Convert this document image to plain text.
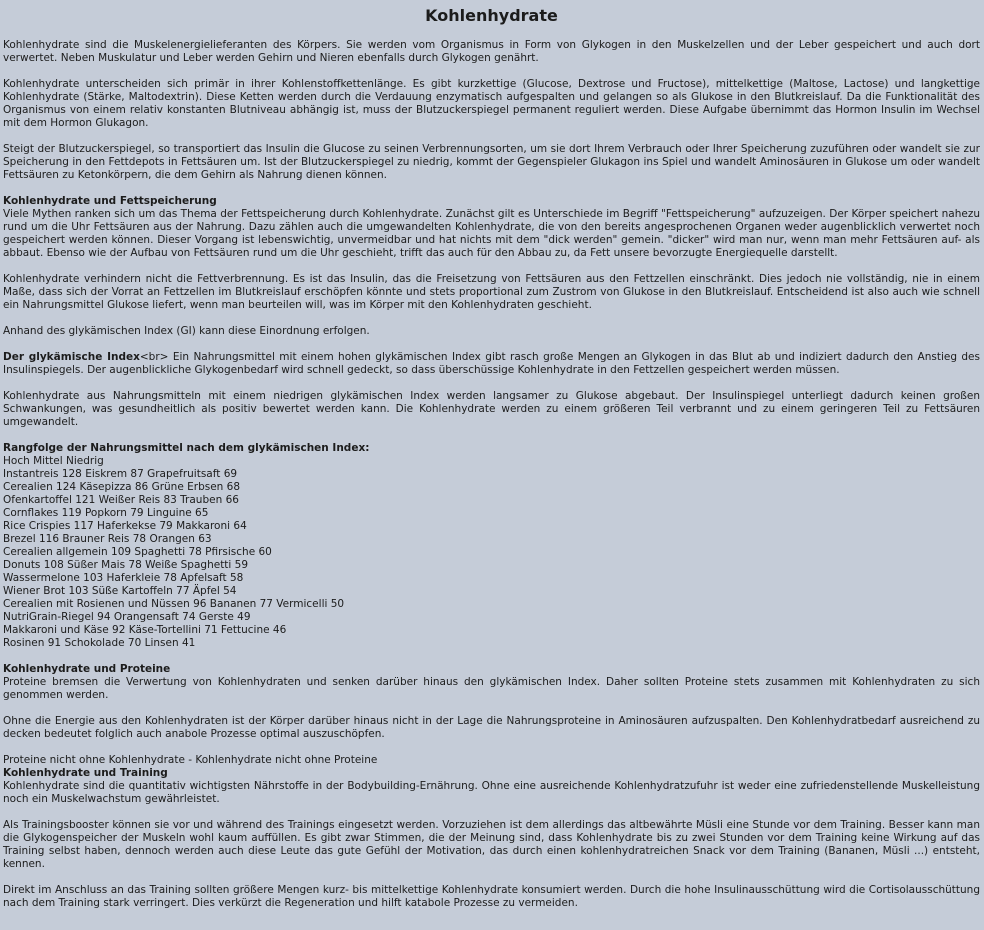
Kohlenhydrate

Kohlenhydrate sind die Muskelenergielieferanten des Körpers. Sie werden vom Organismus in Form von Glykogen in den Muskelzellen und der Leber gespeichert und auch dort verwertet. Neben Muskulatur und Leber werden Gehirn und Nieren ebenfalls durch Glykogen genährt.

Kohlenhydrate unterscheiden sich primär in ihrer Kohlenstoffkettenlänge. Es gibt kurzkettige (Glucose, Dextrose und Fructose), mittelkettige (Maltose, Lactose) und langkettige Kohlenhydrate (Stärke, Maltodextrin). Diese Ketten werden durch die Verdauung enzymatisch aufgespalten und gelangen so als Glukose in den Blutkreislauf. Da die Funktionalität des Organismus von einem relativ konstanten Blutniveau abhängig ist, muss der Blutzuckerspiegel permanent reguliert werden. Diese Aufgabe übernimmt das Hormon Insulin im Wechsel mit dem Hormon Glukagon.

Steigt der Blutzuckerspiegel, so transportiert das Insulin die Glucose zu seinen Verbrennungsorten, um sie dort Ihrem Verbrauch oder Ihrer Speicherung zuzuführen oder wandelt sie zur Speicherung in den Fettdepots in Fettsäuren um. Ist der Blutzuckerspiegel zu niedrig, kommt der Gegenspieler Glukagon ins Spiel und wandelt Aminosäuren in Glukose um oder wandelt Fettsäuren zu Ketonkörpern, die dem Gehirn als Nahrung dienen können.

Kohlenhydrate und Fettspeicherung

Viele Mythen ranken sich um das Thema der Fettspeicherung durch Kohlenhydrate. Zunächst gilt es Unterschiede im Begriff "Fettspeicherung" aufzuzeigen. Der Körper speichert nahezu rund um die Uhr Fettsäuren aus der Nahrung. Dazu zählen auch die umgewandelten Kohlenhydrate, die von den bereits angesprochenen Organen weder augenblicklich verwertet noch gespeichert werden können. Dieser Vorgang ist lebenswichtig, unvermeidbar und hat nichts mit dem "dick werden" gemein. "dicker" wird man nur, wenn man mehr Fettsäuren auf- als abbaut. Ebenso wie der Aufbau von Fettsäuren rund um die Uhr geschieht, trifft das auch für den Abbau zu, da Fett unsere bevorzugte Energiequelle darstellt.

Kohlenhydrate verhindern nicht die Fettverbrennung. Es ist das Insulin, das die Freisetzung von Fettsäuren aus den Fettzellen einschränkt. Dies jedoch nie vollständig, nie in einem Maße, dass sich der Vorrat an Fettzellen im Blutkreislauf erschöpfen könnte und stets proportional zum Zustrom von Glukose in den Blutkreislauf. Entscheidend ist also auch wie schnell ein Nahrungsmittel Glukose liefert, wenn man beurteilen will, was im Körper mit den Kohlenhydraten geschieht.

Anhand des glykämischen Index (GI) kann diese Einordnung erfolgen.

Der glykämische Index<br> Ein Nahrungsmittel mit einem hohen glykämischen Index gibt rasch große Mengen an Glykogen in das Blut ab und indiziert dadurch den Anstieg des Insulinspiegels. Der augenblickliche Glykogenbedarf wird schnell gedeckt, so dass überschüssige Kohlenhydrate in den Fettzellen gespeichert werden müssen.

Kohlenhydrate aus Nahrungsmitteln mit einem niedrigen glykämischen Index werden langsamer zu Glukose abgebaut. Der Insulinspiegel unterliegt dadurch keinen großen Schwankungen, was gesundheitlich als positiv bewertet werden kann. Die Kohlenhydrate werden zu einem größeren Teil verbrannt und zu einem geringeren Teil zu Fettsäuren umgewandelt.

Rangfolge der Nahrungsmittel nach dem glykämischen Index:
Hoch Mittel Niedrig
Instantreis 128 Eiskrem 87 Grapefruitsaft 69
Cerealien 124 Käsepizza 86 Grüne Erbsen 68
Ofenkartoffel 121 Weißer Reis 83 Trauben 66
Cornflakes 119 Popkorn 79 Linguine 65
Rice Crispies 117 Haferkekse 79 Makkaroni 64
Brezel 116 Brauner Reis 78 Orangen 63
Cerealien allgemein 109 Spaghetti 78 Pfirsische 60
Donuts 108 Süßer Mais 78 Weiße Spaghetti 59
Wassermelone 103 Haferkleie 78 Apfelsaft 58
Wiener Brot 103 Süße Kartoffeln 77 Äpfel 54
Cerealien mit Rosienen und Nüssen 96 Bananen 77 Vermicelli 50
NutriGrain-Riegel 94 Orangensaft 74 Gerste 49
Makkaroni und Käse 92 Käse-Tortellini 71 Fettucine 46
Rosinen 91 Schokolade 70 Linsen 41
Kohlenhydrate und Proteine

Proteine bremsen die Verwertung von Kohlenhydraten und senken darüber hinaus den glykämischen Index. Daher sollten Proteine stets zusammen mit Kohlenhydraten zu sich genommen werden.

Ohne die Energie aus den Kohlenhydraten ist der Körper darüber hinaus nicht in der Lage die Nahrungsproteine in Aminosäuren aufzuspalten. Den Kohlenhydratbedarf ausreichend zu decken bedeutet folglich auch anabole Prozesse optimal auszuschöpfen.

Proteine nicht ohne Kohlenhydrate - Kohlenhydrate nicht ohne Proteine

Kohlenhydrate und Training

Kohlenhydrate sind die quantitativ wichtigsten Nährstoffe in der Bodybuilding-Ernährung. Ohne eine ausreichende Kohlenhydratzufuhr ist weder eine zufriedenstellende Muskelleistung noch ein Muskelwachstum gewährleistet.

Als Trainingsbooster können sie vor und während des Trainings eingesetzt werden. Vorzuziehen ist dem allerdings das altbewährte Müsli eine Stunde vor dem Training. Besser kann man die Glykogenspeicher der Muskeln wohl kaum auffüllen. Es gibt zwar Stimmen, die der Meinung sind, dass Kohlenhydrate bis zu zwei Stunden vor dem Training keine Wirkung auf das Training selbst haben, dennoch werden auch diese Leute das gute Gefühl der Motivation, das durch einen kohlenhydratreichen Snack vor dem Training (Bananen, Müsli ...) entsteht, kennen.

Direkt im Anschluss an das Training sollten größere Mengen kurz- bis mittelkettige Kohlenhydrate konsumiert werden. Durch die hohe Insulinausschüttung wird die Cortisolausschüttung nach dem Training stark verringert. Dies verkürzt die Regeneration und hilft katabole Prozesse zu vermeiden.
